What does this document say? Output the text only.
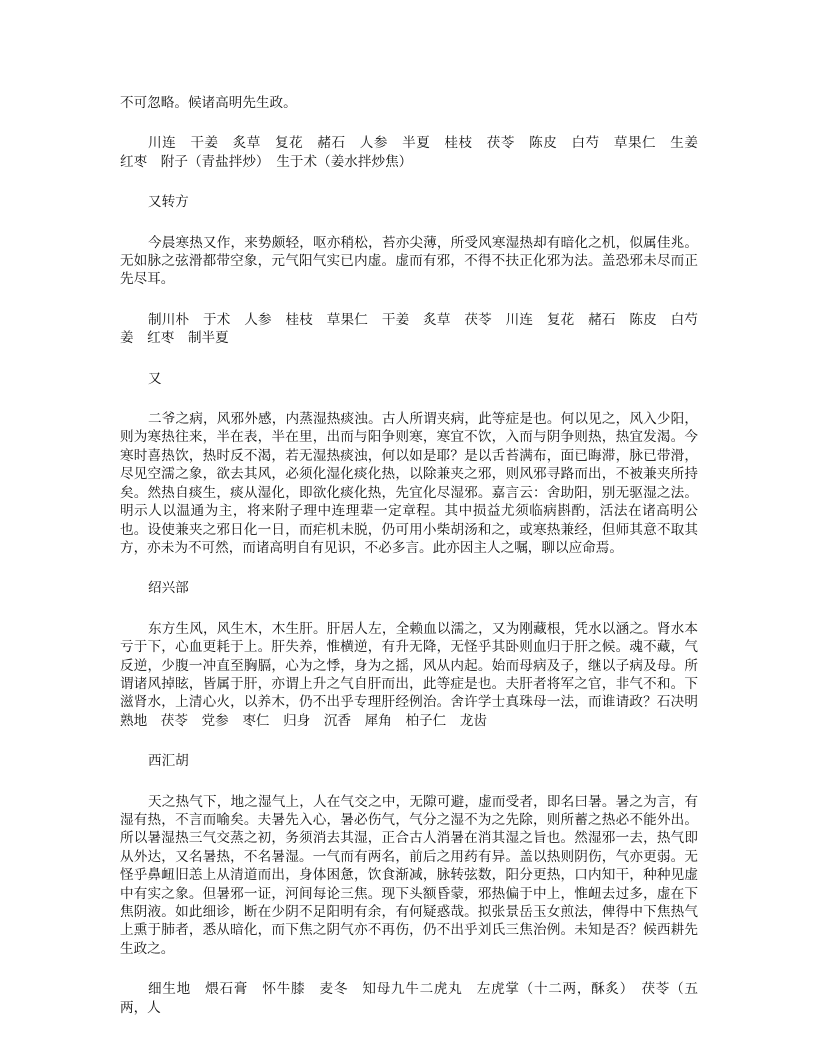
不可忽略。候诸高明先生政。

川连　干姜　炙草　复花　赭石　人参　半夏　桂枝　茯苓　陈皮　白芍　草果仁　生姜　红枣　附子（青盐拌炒）　生于术（姜水拌炒焦）

又转方

今晨寒热又作，来势颇轻，呕亦稍松，苔亦尖薄，所受风寒湿热却有暗化之机，似属佳兆。无如脉之弦滑都带空象，元气阳气实已内虚。虚而有邪，不得不扶正化邪为法。盖恐邪未尽而正先尽耳。

制川朴　于术　人参　桂枝　草果仁　干姜　炙草　茯苓　川连　复花　赭石　陈皮　白芍　姜　红枣　制半夏

又

二爷之病，风邪外感，内蒸湿热痰浊。古人所谓夹病，此等症是也。何以见之，风入少阳，则为寒热往来，半在表，半在里，出而与阳争则寒，寒宜不饮，入而与阴争则热，热宜发渴。今寒时喜热饮，热时反不渴，若无湿热痰浊，何以如是耶？是以舌苔满布，面已晦滞，脉已带滑，尽见空濡之象，欲去其风，必须化湿化痰化热，以除兼夹之邪，则风邪寻路而出，不被兼夹所持矣。然热自痰生，痰从湿化，即欲化痰化热，先宜化尽湿邪。嘉言云：舍助阳，别无驱湿之法。明示人以温通为主，将来附子理中连理辈一定章程。其中损益尤须临病斟酌，活法在诸高明公也。设使兼夹之邪日化一日，而疟机未脱，仍可用小柴胡汤和之，或寒热兼经，但师其意不取其方，亦未为不可然，而诸高明自有见识，不必多言。此亦因主人之嘱，聊以应命焉。

绍兴部

东方生风，风生木，木生肝。肝居人左，全赖血以濡之，又为刚藏根，凭水以涵之。肾水本亏于下，心血更耗于上。肝失养，惟横逆，有升无降，无怪乎其卧则血归于肝之候。魂不藏，气反逆，少腹一冲直至胸膈，心为之悸，身为之摇，风从内起。始而母病及子，继以子病及母。所谓诸风掉眩，皆属于肝，亦谓上升之气自肝而出，此等症是也。夫肝者将军之官，非气不和。下滋肾水，上清心火，以养木，仍不出乎专理肝经例治。舍许学士真珠母一法，而谁请政？石决明　熟地　茯苓　党参　枣仁　归身　沉香　犀角　柏子仁　龙齿

西汇胡

天之热气下，地之湿气上，人在气交之中，无隙可避，虚而受者，即名曰暑。暑之为言，有湿有热，不言而喻矣。夫暑先入心，暑必伤气，气分之湿不为之先除，则所蓄之热必不能外出。所以暑湿热三气交蒸之初，务须消去其湿，正合古人消暑在消其湿之旨也。然湿邪一去，热气即从外达，又名暑热，不名暑湿。一气而有两名，前后之用药有异。盖以热则阴伤，气亦更弱。无怪乎鼻衄旧恙上从清道而出，身体困惫，饮食渐减，脉转弦数，阳分更热，口内知干，种种见虚中有实之象。但暑邪一证，河间每论三焦。现下头额昏蒙，邪热偏于中上，惟衄去过多，虚在下焦阴液。如此细诊，断在少阴不足阳明有余，有何疑惑哉。拟张景岳玉女煎法，俾得中下焦热气上熏于肺者，悉从暗化，而下焦之阴气亦不再伤，仍不出乎刘氏三焦治例。未知是否？候西耕先生政之。

细生地　煨石膏　怀牛膝　麦冬　知母九牛二虎丸　左虎掌（十二两，酥炙）　茯苓（五两，人
